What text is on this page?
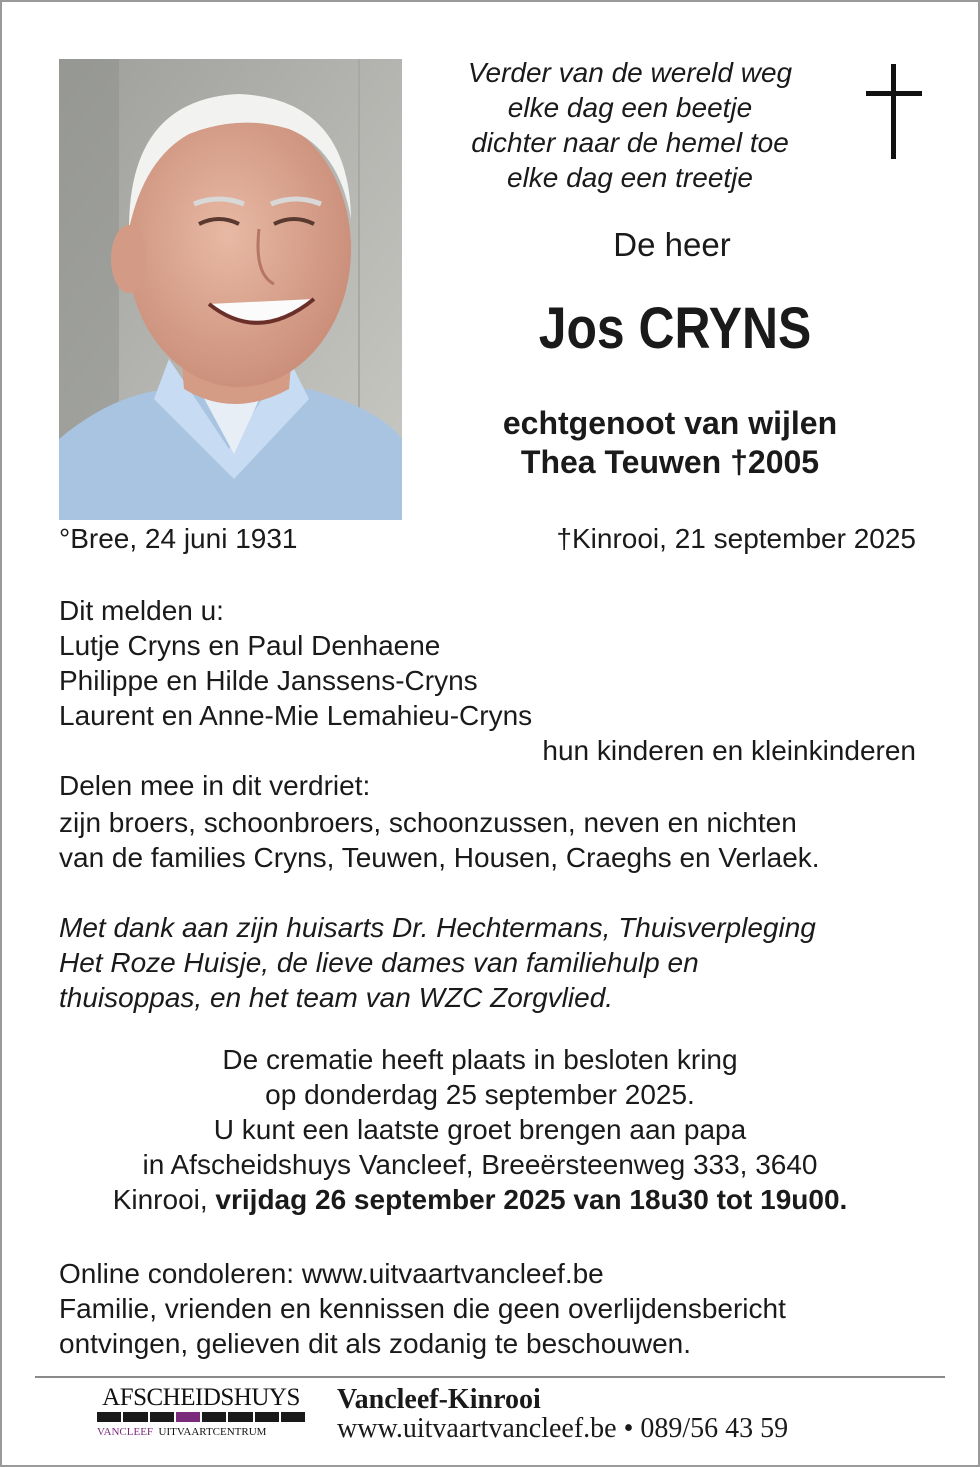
Verder van de wereld weg
elke dag een beetje
dichter naar de hemel toe
elke dag een treetje
De heer
Jos CRYNS
echtgenoot van wijlen
Thea Teuwen †2005
°Bree, 24 juni 1931	†Kinrooi, 21 september 2025
Dit melden u:
Lutje Cryns en Paul Denhaene
Philippe en Hilde Janssens-Cryns
Laurent en Anne-Mie Lemahieu-Cryns
hun kinderen en kleinkinderen
Delen mee in dit verdriet:
zijn broers, schoonbroers, schoonzussen, neven en nichten
van de families Cryns, Teuwen, Housen, Craeghs en Verlaek.
Met dank aan zijn huisarts Dr. Hechtermans, Thuisverpleging
Het Roze Huisje, de lieve dames van familiehulp en
thuisoppas, en het team van WZC Zorgvlied.
De crematie heeft plaats in besloten kring
op donderdag 25 september 2025.
U kunt een laatste groet brengen aan papa
in Afscheidshuys Vancleef, Breeërsteenweg 333, 3640
Kinrooi, vrijdag 26 september 2025 van 18u30 tot 19u00.
Online condoleren: www.uitvaartvancleef.be
Familie, vrienden en kennissen die geen overlijdensbericht
ontvingen, gelieven dit als zodanig te beschouwen.
AFSCHEIDSHUYS
VANCLEEF UITVAARTCENTRUM
Vancleef-Kinrooi
www.uitvaartvancleef.be • 089/56 43 59
